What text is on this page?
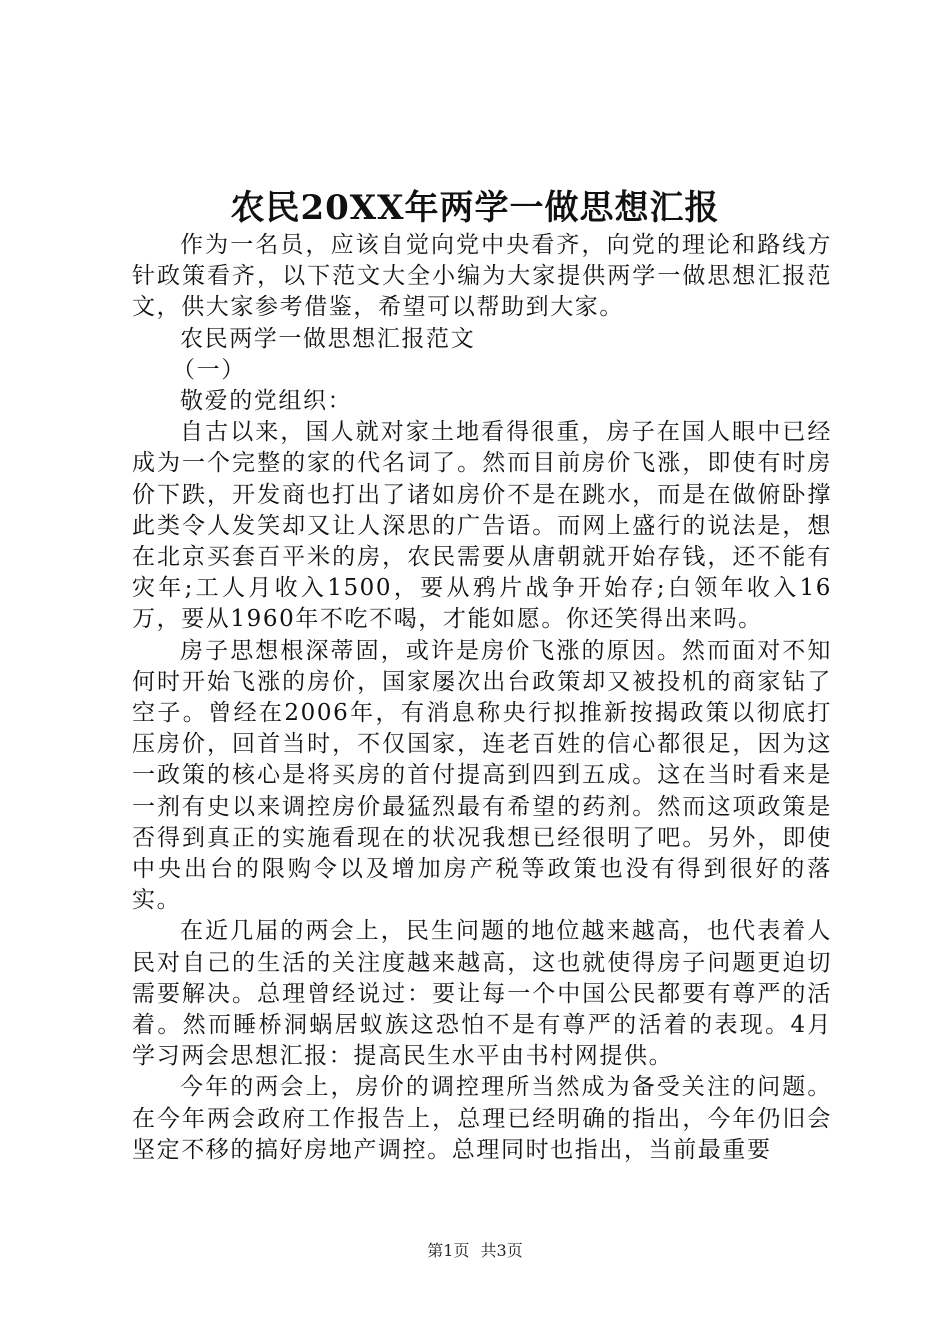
农民20XX年两学一做思想汇报

作为一名员，应该自觉向党中央看齐，向党的理论和路线方针政策看齐，以下范文大全小编为大家提供两学一做思想汇报范文，供大家参考借鉴，希望可以帮助到大家。

农民两学一做思想汇报范文

（一）

敬爱的党组织：

自古以来，国人就对家土地看得很重，房子在国人眼中已经成为一个完整的家的代名词了。然而目前房价飞涨，即使有时房价下跌，开发商也打出了诸如房价不是在跳水，而是在做俯卧撑此类令人发笑却又让人深思的广告语。而网上盛行的说法是，想在北京买套百平米的房，农民需要从唐朝就开始存钱，还不能有灾年;工人月收入1500，要从鸦片战争开始存;白领年收入16万，要从1960年不吃不喝，才能如愿。你还笑得出来吗。

房子思想根深蒂固，或许是房价飞涨的原因。然而面对不知何时开始飞涨的房价，国家屡次出台政策却又被投机的商家钻了空子。曾经在2006年，有消息称央行拟推新按揭政策以彻底打压房价，回首当时，不仅国家，连老百姓的信心都很足，因为这一政策的核心是将买房的首付提高到四到五成。这在当时看来是一剂有史以来调控房价最猛烈最有希望的药剂。然而这项政策是否得到真正的实施看现在的状况我想已经很明了吧。另外，即使中央出台的限购令以及增加房产税等政策也没有得到很好的落实。

在近几届的两会上，民生问题的地位越来越高，也代表着人民对自己的生活的关注度越来越高，这也就使得房子问题更迫切需要解决。总理曾经说过：要让每一个中国公民都要有尊严的活着。然而睡桥洞蜗居蚁族这恐怕不是有尊严的活着的表现。4月学习两会思想汇报：提高民生水平由书村网提供。

今年的两会上，房价的调控理所当然成为备受关注的问题。在今年两会政府工作报告上，总理已经明确的指出，今年仍旧会坚定不移的搞好房地产调控。总理同时也指出，当前最重要

第1页 共3页
